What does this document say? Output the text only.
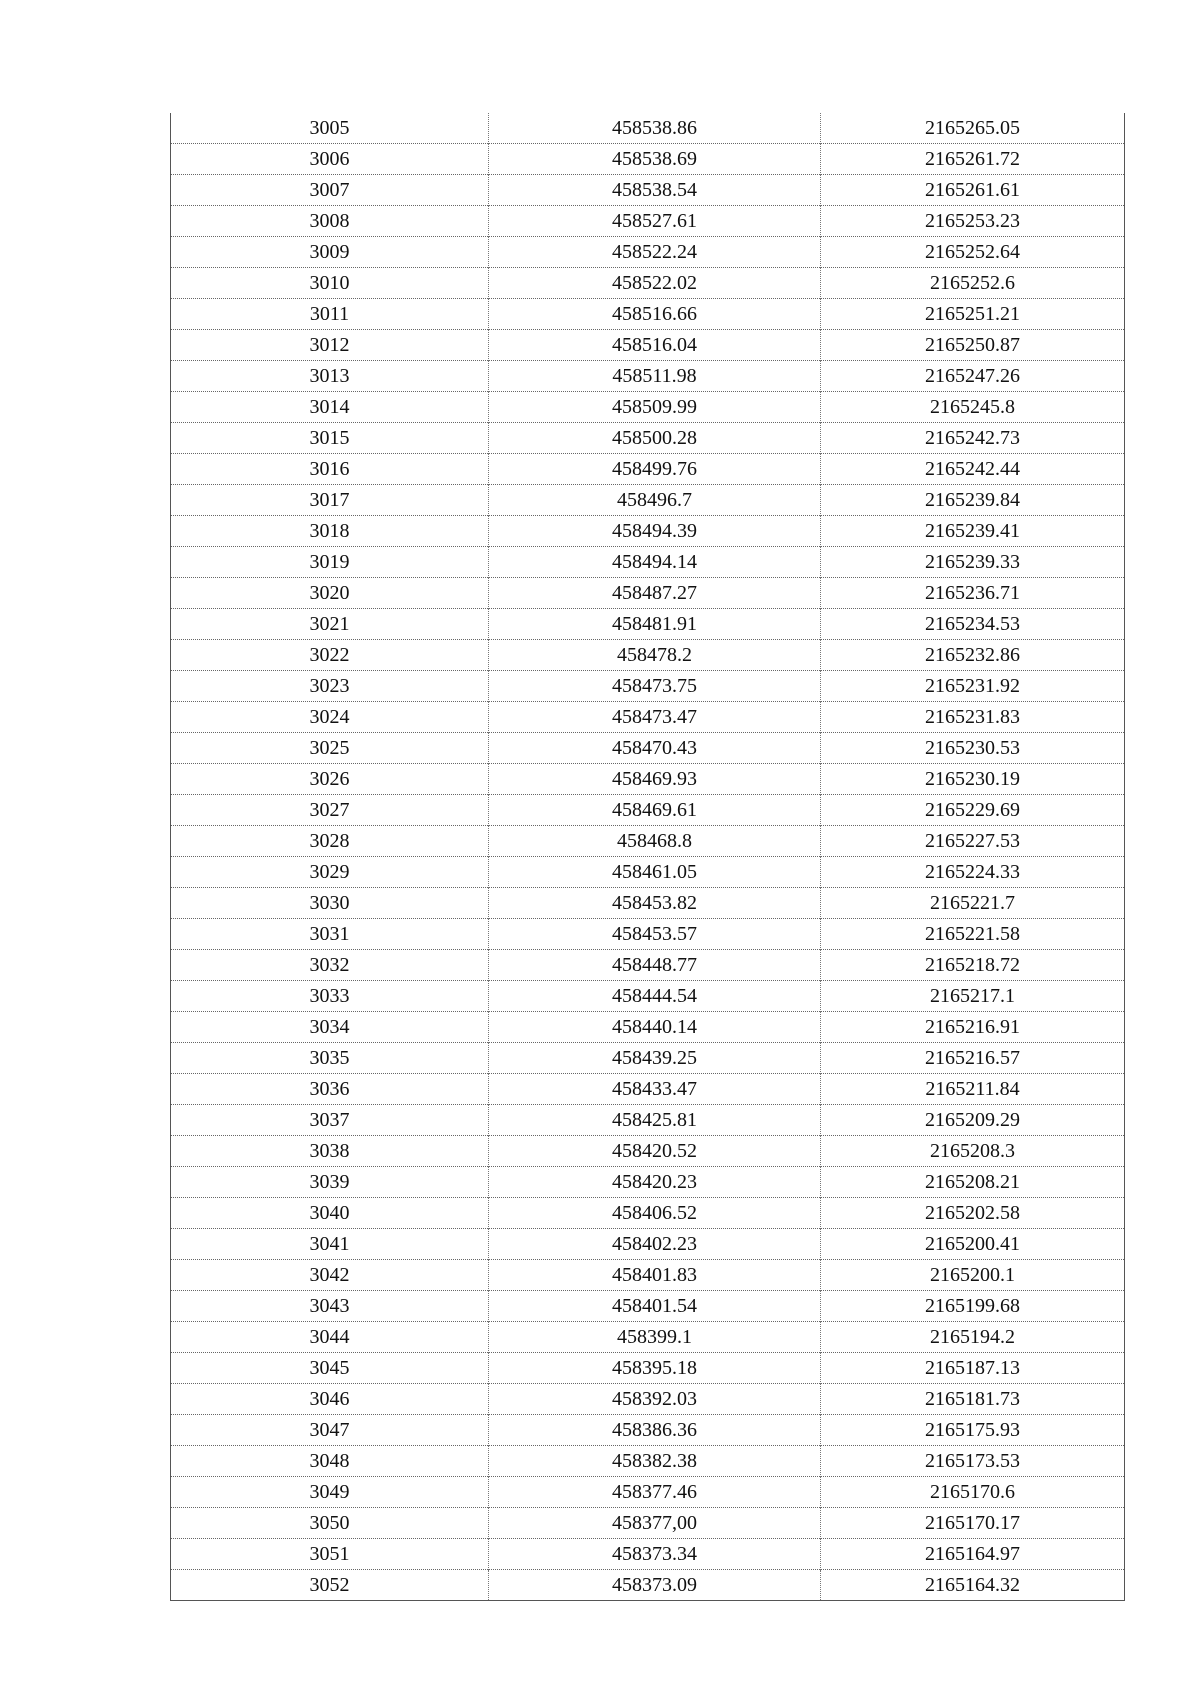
3005	458538.86	2165265.05
3006	458538.69	2165261.72
3007	458538.54	2165261.61
3008	458527.61	2165253.23
3009	458522.24	2165252.64
3010	458522.02	2165252.6
3011	458516.66	2165251.21
3012	458516.04	2165250.87
3013	458511.98	2165247.26
3014	458509.99	2165245.8
3015	458500.28	2165242.73
3016	458499.76	2165242.44
3017	458496.7	2165239.84
3018	458494.39	2165239.41
3019	458494.14	2165239.33
3020	458487.27	2165236.71
3021	458481.91	2165234.53
3022	458478.2	2165232.86
3023	458473.75	2165231.92
3024	458473.47	2165231.83
3025	458470.43	2165230.53
3026	458469.93	2165230.19
3027	458469.61	2165229.69
3028	458468.8	2165227.53
3029	458461.05	2165224.33
3030	458453.82	2165221.7
3031	458453.57	2165221.58
3032	458448.77	2165218.72
3033	458444.54	2165217.1
3034	458440.14	2165216.91
3035	458439.25	2165216.57
3036	458433.47	2165211.84
3037	458425.81	2165209.29
3038	458420.52	2165208.3
3039	458420.23	2165208.21
3040	458406.52	2165202.58
3041	458402.23	2165200.41
3042	458401.83	2165200.1
3043	458401.54	2165199.68
3044	458399.1	2165194.2
3045	458395.18	2165187.13
3046	458392.03	2165181.73
3047	458386.36	2165175.93
3048	458382.38	2165173.53
3049	458377.46	2165170.6
3050	458377,00	2165170.17
3051	458373.34	2165164.97
3052	458373.09	2165164.32
